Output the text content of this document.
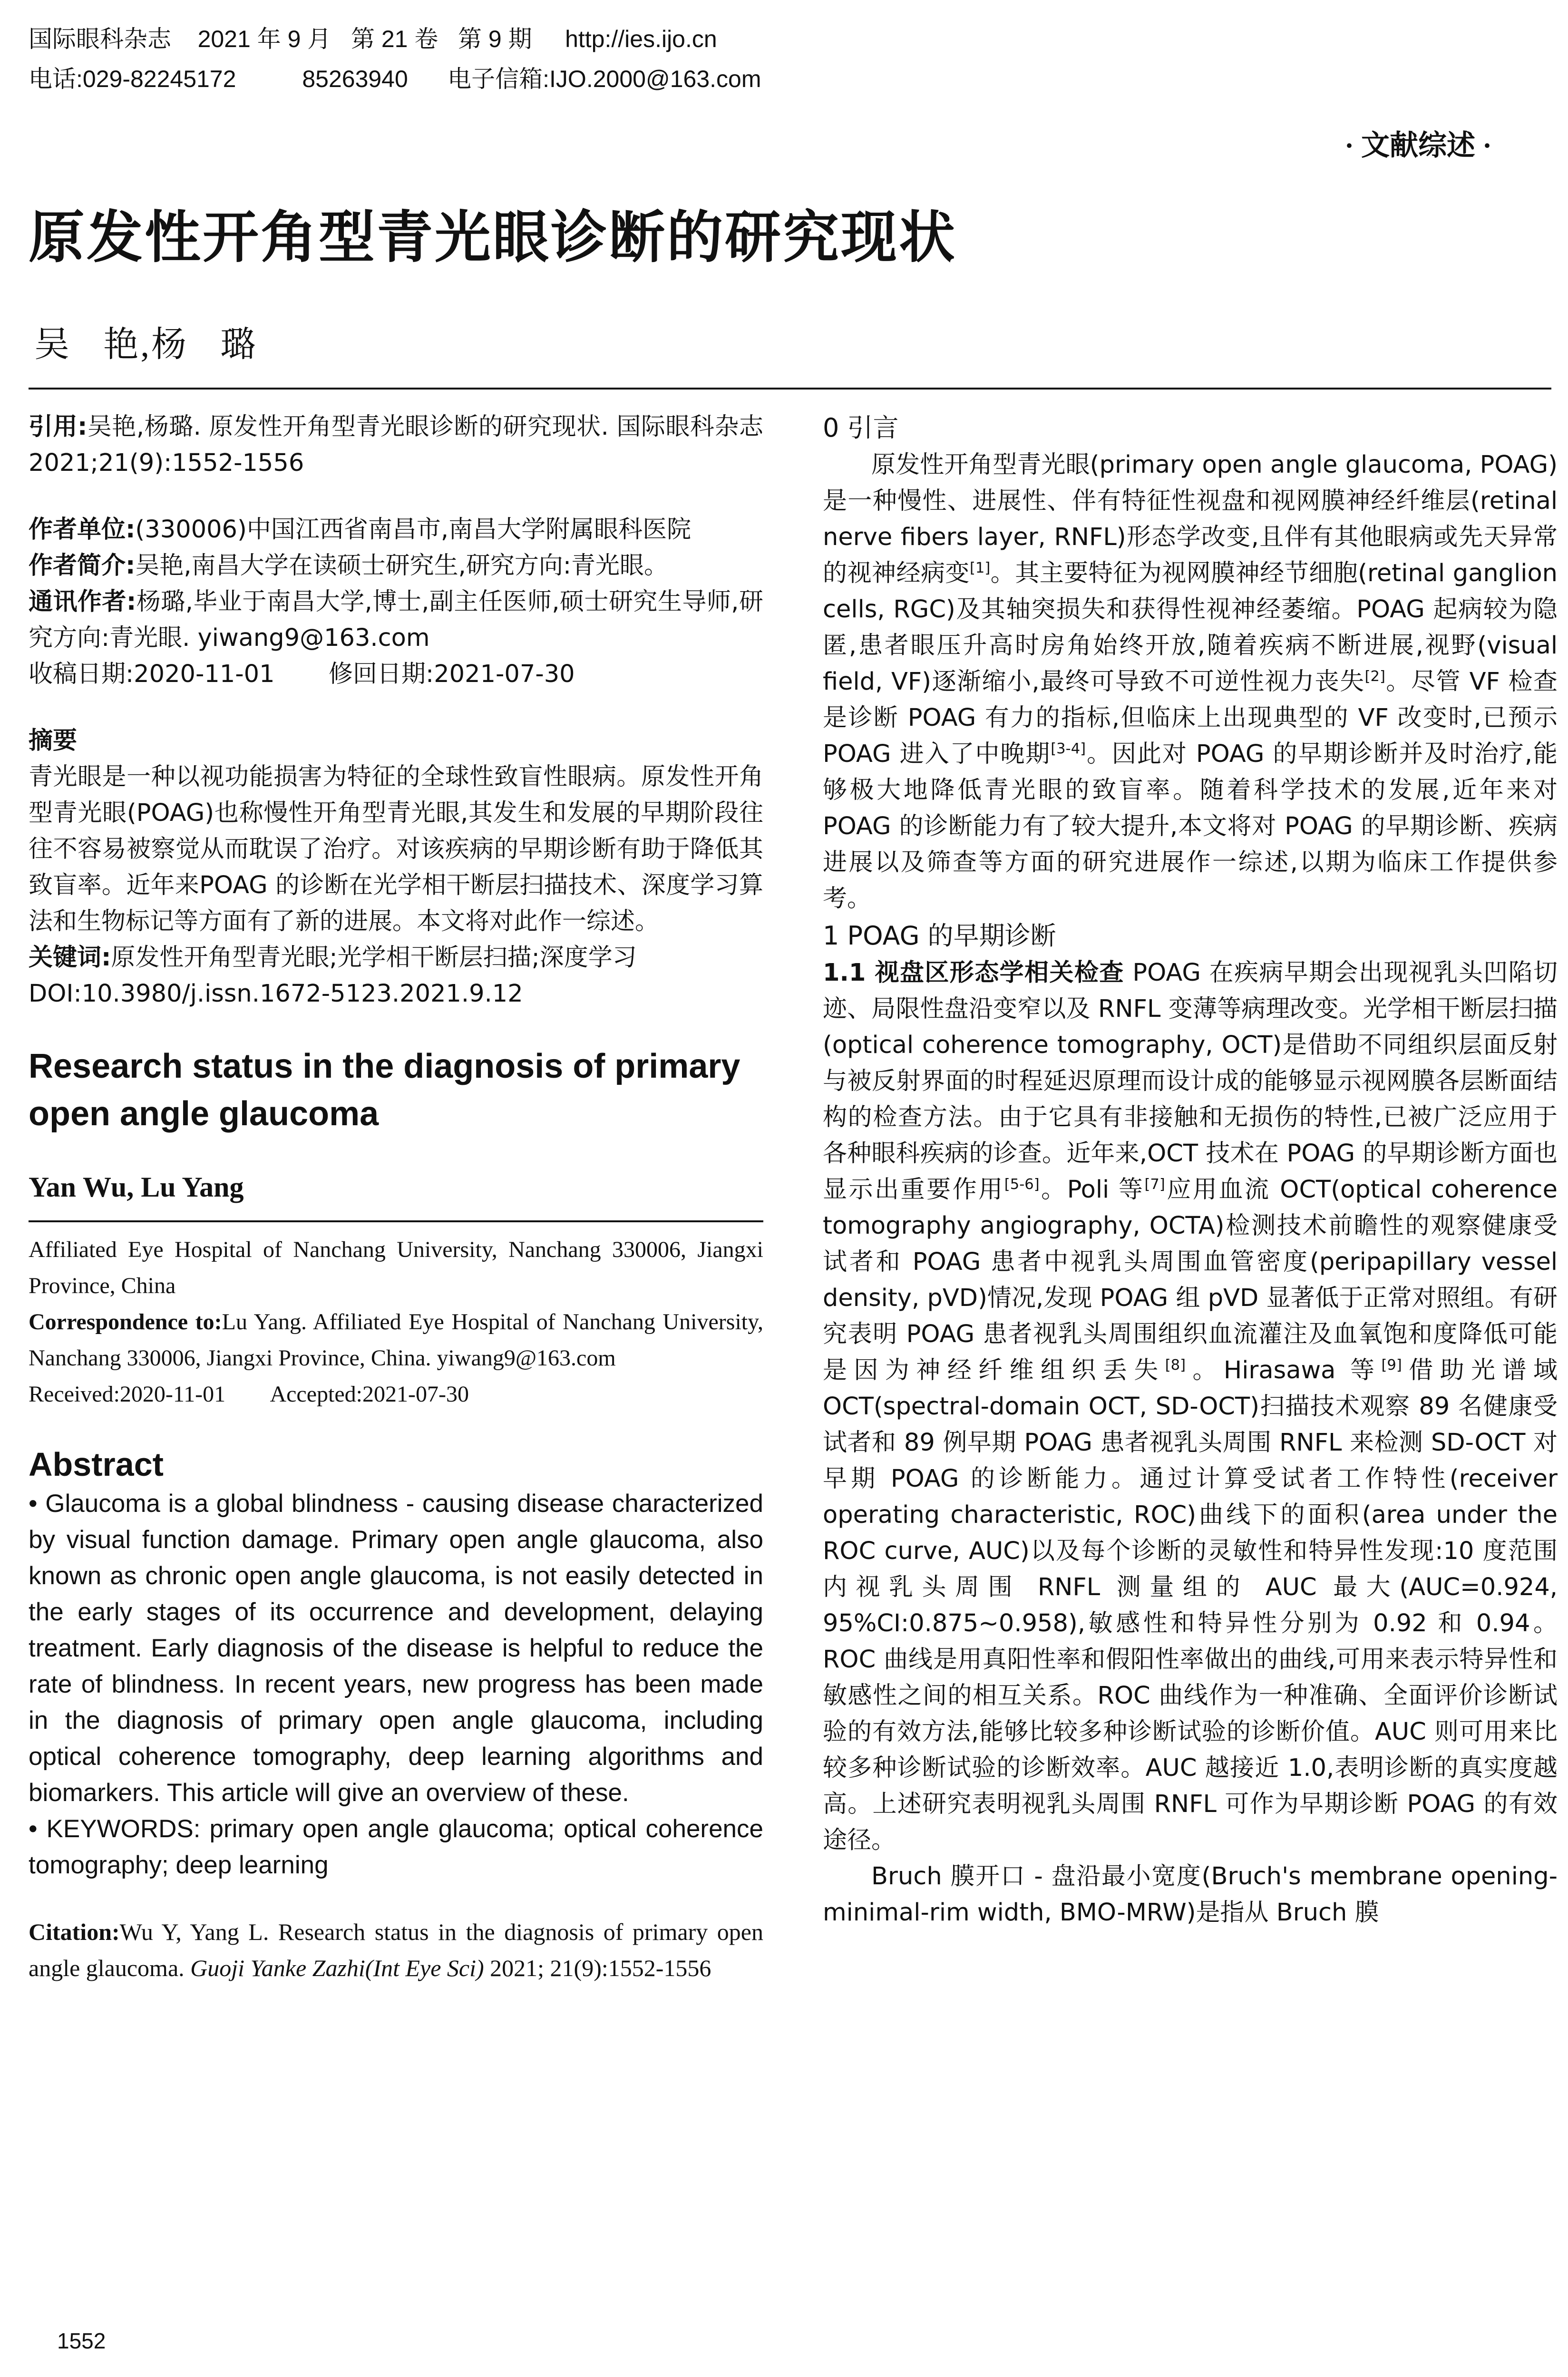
国际眼科杂志    2021 年 9 月   第 21 卷   第 9 期     http://ies.ijo.cn
电话:029-82245172          85263940      电子信箱:IJO.2000@163.com
· 文献综述 ·
原发性开角型青光眼诊断的研究现状
吴   艳,杨   璐

引用:吴艳,杨璐. 原发性开角型青光眼诊断的研究现状. 国际眼科杂志 2021;21(9):1552-1556

作者单位:(330006)中国江西省南昌市,南昌大学附属眼科医院

作者简介:吴艳,南昌大学在读硕士研究生,研究方向:青光眼。

通讯作者:杨璐,毕业于南昌大学,博士,副主任医师,硕士研究生导师,研究方向:青光眼. yiwang9@163.com

收稿日期:2020-11-01       修回日期:2021-07-30

摘要

青光眼是一种以视功能损害为特征的全球性致盲性眼病。原发性开角型青光眼(POAG)也称慢性开角型青光眼,其发生和发展的早期阶段往往不容易被察觉从而耽误了治疗。对该疾病的早期诊断有助于降低其致盲率。近年来POAG 的诊断在光学相干断层扫描技术、深度学习算法和生物标记等方面有了新的进展。本文将对此作一综述。

关键词:原发性开角型青光眼;光学相干断层扫描;深度学习

DOI:10.3980/j.issn.1672-5123.2021.9.12

Research status in the diagnosis of primary open angle glaucoma

Yan Wu, Lu Yang

Affiliated Eye Hospital of Nanchang University, Nanchang 330006, Jiangxi Province, China

Correspondence to:Lu Yang. Affiliated Eye Hospital of Nanchang University, Nanchang 330006, Jiangxi Province, China. yiwang9@163.com

Received:2020-11-01        Accepted:2021-07-30

Abstract

• Glaucoma is a global blindness - causing disease characterized by visual function damage. Primary open angle glaucoma, also known as chronic open angle glaucoma, is not easily detected in the early stages of its occurrence and development, delaying treatment. Early diagnosis of the disease is helpful to reduce the rate of blindness. In recent years, new progress has been made in the diagnosis of primary open angle glaucoma, including optical coherence tomography, deep learning algorithms and biomarkers. This article will give an overview of these.

• KEYWORDS: primary open angle glaucoma; optical coherence tomography; deep learning

Citation:Wu Y, Yang L. Research status in the diagnosis of primary open angle glaucoma. Guoji Yanke Zazhi(Int Eye Sci) 2021; 21(9):1552-1556

0 引言

原发性开角型青光眼(primary open angle glaucoma, POAG)是一种慢性、进展性、伴有特征性视盘和视网膜神经纤维层(retinal nerve fibers layer, RNFL)形态学改变,且伴有其他眼病或先天异常的视神经病变[1]。其主要特征为视网膜神经节细胞(retinal ganglion cells, RGC)及其轴突损失和获得性视神经萎缩。POAG 起病较为隐匿,患者眼压升高时房角始终开放,随着疾病不断进展,视野(visual field, VF)逐渐缩小,最终可导致不可逆性视力丧失[2]。尽管 VF 检查是诊断 POAG 有力的指标,但临床上出现典型的 VF 改变时,已预示 POAG 进入了中晚期[3-4]。因此对 POAG 的早期诊断并及时治疗,能够极大地降低青光眼的致盲率。随着科学技术的发展,近年来对 POAG 的诊断能力有了较大提升,本文将对 POAG 的早期诊断、疾病进展以及筛查等方面的研究进展作一综述,以期为临床工作提供参考。

1 POAG 的早期诊断

1.1 视盘区形态学相关检查 POAG 在疾病早期会出现视乳头凹陷切迹、局限性盘沿变窄以及 RNFL 变薄等病理改变。光学相干断层扫描(optical coherence tomography, OCT)是借助不同组织层面反射与被反射界面的时程延迟原理而设计成的能够显示视网膜各层断面结构的检查方法。由于它具有非接触和无损伤的特性,已被广泛应用于各种眼科疾病的诊查。近年来,OCT 技术在 POAG 的早期诊断方面也显示出重要作用[5-6]。Poli 等[7]应用血流 OCT(optical coherence tomography angiography, OCTA)检测技术前瞻性的观察健康受试者和 POAG 患者中视乳头周围血管密度(peripapillary vessel density, pVD)情况,发现 POAG 组 pVD 显著低于正常对照组。有研究表明 POAG 患者视乳头周围组织血流灌注及血氧饱和度降低可能是因为神经纤维组织丢失[8]。Hirasawa 等[9]借助光谱域 OCT(spectral-domain OCT, SD-OCT)扫描技术观察 89 名健康受试者和 89 例早期 POAG 患者视乳头周围 RNFL 来检测 SD-OCT 对早期 POAG 的诊断能力。通过计算受试者工作特性(receiver operating characteristic, ROC)曲线下的面积(area under the ROC curve, AUC)以及每个诊断的灵敏性和特异性发现:10 度范围内视乳头周围 RNFL 测量组的 AUC 最大(AUC=0.924, 95%CI:0.875~0.958),敏感性和特异性分别为 0.92 和 0.94。ROC 曲线是用真阳性率和假阳性率做出的曲线,可用来表示特异性和敏感性之间的相互关系。ROC 曲线作为一种准确、全面评价诊断试验的有效方法,能够比较多种诊断试验的诊断价值。AUC 则可用来比较多种诊断试验的诊断效率。AUC 越接近 1.0,表明诊断的真实度越高。上述研究表明视乳头周围 RNFL 可作为早期诊断 POAG 的有效途径。

Bruch 膜开口 - 盘沿最小宽度(Bruch's membrane opening-minimal-rim width, BMO-MRW)是指从 Bruch 膜

1552
